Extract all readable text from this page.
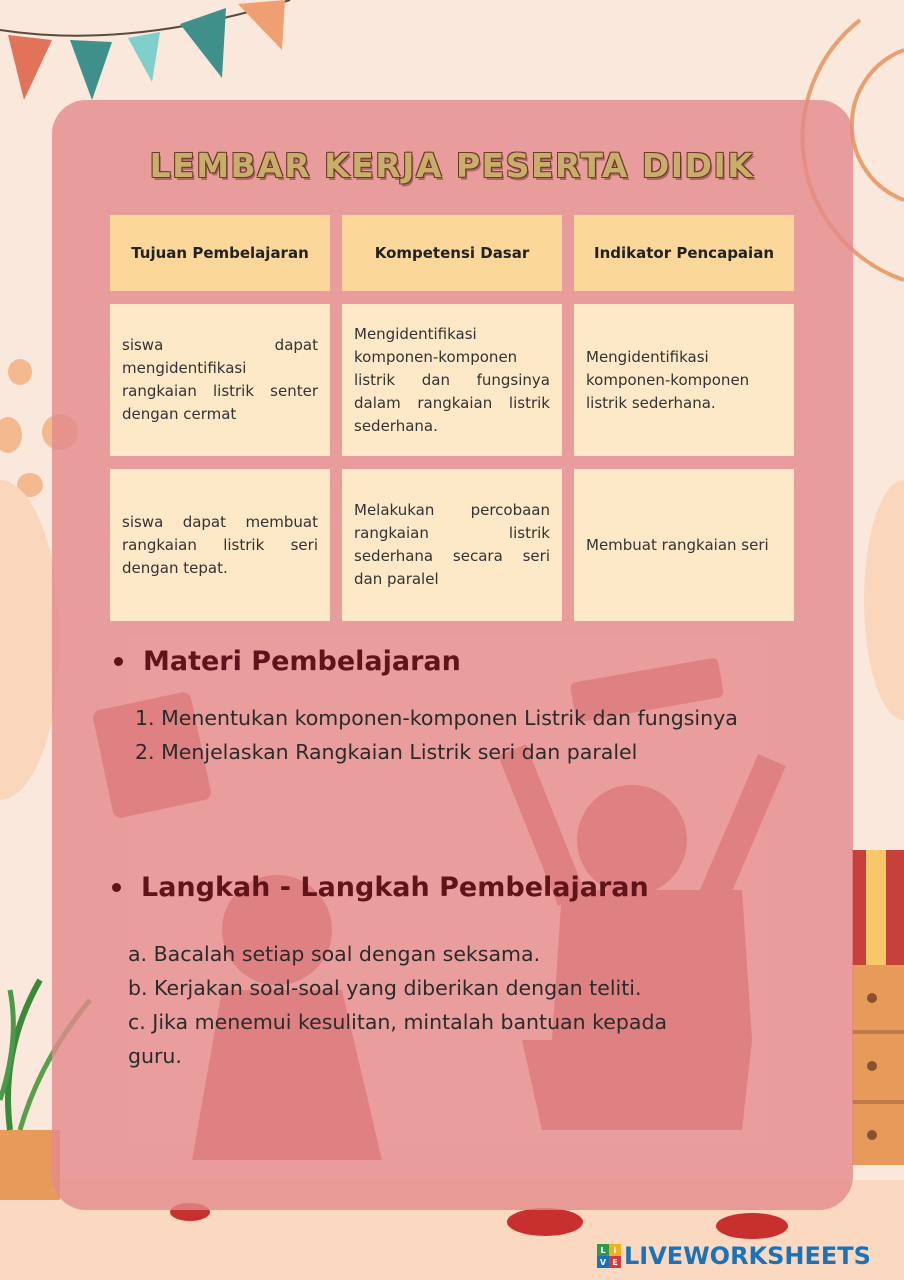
LEMBAR KERJA PESERTA DIDIK
Tujuan Pembelajaran	Kompetensi Dasar	Indikator Pencapaian
siswa dapat mengidentifikasi rangkaian listrik senter dengan cermat
Mengidentifikasi komponen-komponen listrik dan fungsinya dalam rangkaian listrik sederhana.
Mengidentifikasi komponen-komponen listrik sederhana.
siswa dapat membuat rangkaian listrik seri dengan tepat.
Melakukan percobaan rangkaian listrik sederhana secara seri dan paralel
Membuat rangkaian seri
Materi Pembelajaran
1. Menentukan komponen-komponen Listrik dan fungsinya
2. Menjelaskan Rangkaian Listrik seri dan paralel
Langkah - Langkah Pembelajaran
a. Bacalah setiap soal dengan seksama.
b. Kerjakan soal-soal yang diberikan dengan teliti.
c. Jika menemui kesulitan, mintalah bantuan kepada
guru.
L I
V E LIVEWORKSHEETS
